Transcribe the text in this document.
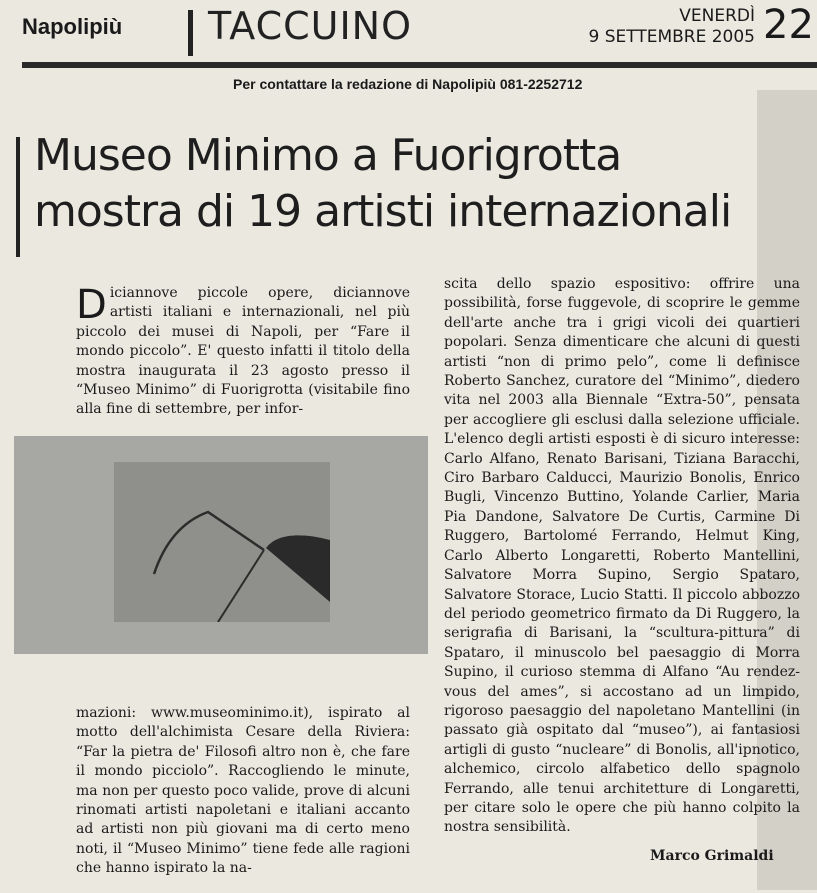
Napolipiù TACCUINO	VENERDÌ
9 SETTEMBRE 2005 22
Per contattare la redazione di Napolipiù 081-2252712
Museo Minimo a Fuorigrotta
mostra di 19 artisti internazionali

Diciannove piccole opere, diciannove artisti italiani e internazionali, nel più piccolo dei musei di Napoli, per “Fare il mondo piccolo”. E' questo infatti il titolo della mostra inaugurata il 23 agosto presso il “Museo Minimo” di Fuorigrotta (visitabile fino alla fine di settembre, per infor-

mazioni: www.museominimo.it), ispirato al motto dell'alchimista Cesare della Riviera: “Far la pietra de' Filosofi altro non è, che fare il mondo picciolo”. Raccogliendo le minute, ma non per questo poco valide, prove di alcuni rinomati artisti napoletani e italiani accanto ad artisti non più giovani ma di certo meno noti, il “Museo Minimo” tiene fede alle ragioni che hanno ispirato la na-

scita dello spazio espositivo: offrire una possibilità, forse fuggevole, di scoprire le gemme dell'arte anche tra i grigi vicoli dei quartieri popolari. Senza dimenticare che alcuni di questi artisti “non di primo pelo”, come li definisce Roberto Sanchez, curatore del “Minimo”, diedero vita nel 2003 alla Biennale “Extra-50”, pensata per accogliere gli esclusi dalla selezione ufficiale. L'elenco degli artisti esposti è di sicuro interesse: Carlo Alfano, Renato Barisani, Tiziana Baracchi, Ciro Barbaro Calducci, Maurizio Bonolis, Enrico Bugli, Vincenzo Buttino, Yolande Carlier, Maria Pia Dandone, Salvatore De Curtis, Carmine Di Ruggero, Bartolomé Ferrando, Helmut King, Carlo Alberto Longaretti, Roberto Mantellini, Salvatore Morra Supino, Sergio Spataro, Salvatore Storace, Lucio Statti. Il piccolo abbozzo del periodo geometrico firmato da Di Ruggero, la serigrafia di Barisani, la “scultura-pittura” di Spataro, il minuscolo bel paesaggio di Morra Supino, il curioso stemma di Alfano “Au rendez-vous del ames”, si accostano ad un limpido, rigoroso paesaggio del napoletano Mantellini (in passato già ospitato dal “museo”), ai fantasiosi artigli di gusto “nucleare” di Bonolis, all'ipnotico, alchemico, circolo alfabetico dello spagnolo Ferrando, alle tenui architetture di Longaretti, per citare solo le opere che più hanno colpito la nostra sensibilità.

Marco Grimaldi
